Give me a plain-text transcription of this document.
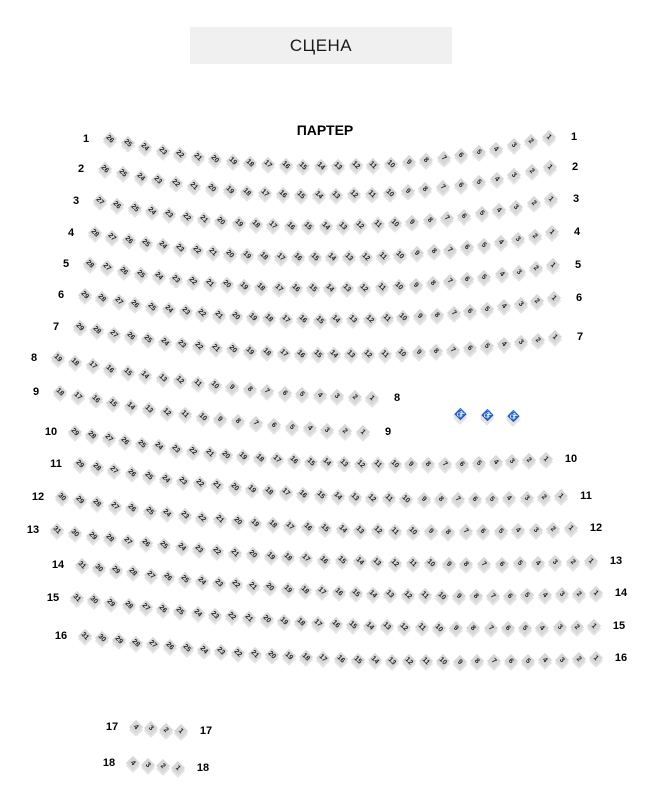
СЦЕНА
ПАРТЕР
26 25 24 23 22 21 20 19 18 17 16 15 14 13 12 11 10	9	8	7	6	5	4	3
2
1
1	1
26 25 24 23 22 21 20 19 18 17 16 15 14 13 12 11 10	9	8	7	6	5	4	3
2
1
2	2
27 26 25 24 23 22 21 20 19 18 17 16 15 14 13 12 11 10	9	8	7	6	5	4	3	2
1
3	3
28 27 26 25 24 23 22 21 20 19 18 17 16 15 14 13 12 11 10	9	8	7	6	5	4	3	2	1
4	4
28 27 26 25 24 23 22 21 20 19 18 17 16 15 14 13 12 11 10	9	8	7	6	5	4	3	2	1
5	5
29 28 27 26 25 24 23 22 21 20 19 18 17 16 15 14 13 12 11 10	9	8	7	6	5	4	3	2	1
6	6
29 28 27 26 25 24 23 22 21 20 19 18 17 16 15 14 13 12 11 10	9	8	7	6	5	4	3	2	1
7
7
19 18 17 16 15 14 13 12 11 10	9	8	7	6	5	4	3	2	1
8
8
18 17 16 15 14 13 12 11 10	9	8	7	6	5	4	3	2	1
9
9
29 28 27 26 25 24 23 22 21 20 19 18 17 16 15 14 13 12 11 10	9	8	7	6	5	4	3	2	1
10
10
29 28 27 26 25 24 23 22 21 20 19 18 17 16 15 14 13 12 11 10	9	8	7	6	5	4	3	2	1
11
11
30 29 28 27 26 25 24 23 22 21 20 19 18 17 16 15 14 13 12 11 10	9	8	7	6	5	4	3	2	1
12
12
31 30 29 28 27 26 25 24 23 22 21 20 19 18 17 16 15 14 13 12 11 10	9	8	7	6	5	4	3	2	1
13
13
31 30 29 28 27 26 25 24 23 22 21 20 19 18 17 16 15 14 13 12 11 10	9	8	7	6	5	4	3	2	1
14
14
31 30 29 28 27 26 25 24 23 22 21 20 19 18 17 16 15 14 13 12 11 10	9	8	7	6	5	4	3	2	1
15
15
31 30 29 28 27 26 25 24 23 22 21 20 19 18 17 16 15 14 13 12 11 10	9	8	7	6	5	4	3	2	1
16
16
4	3	2	1
17	17
4	3	2	1
18	18
♿ ♿ ♿
